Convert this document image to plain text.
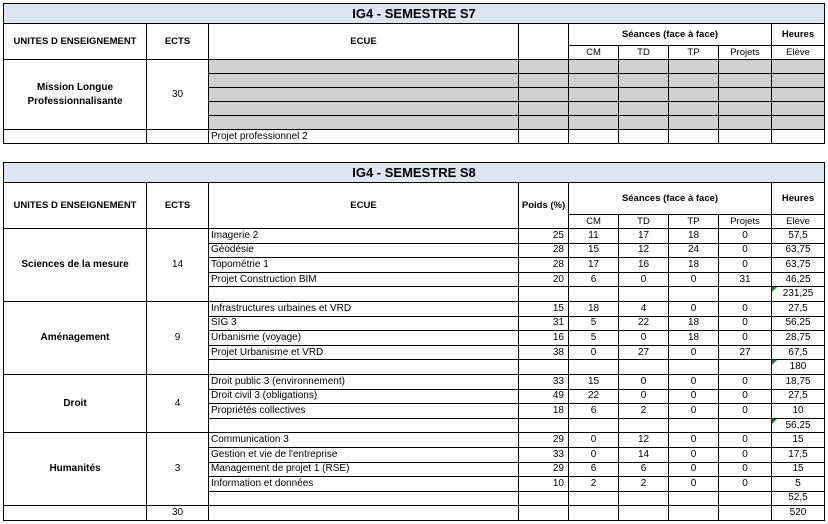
IG4 - SEMESTRE S7								
UNITES D ENSEIGNEMENT	ECTS	ECUE		Séances (face à face)				Heures
				CM	TD	TP	Projets	Elève
Mission Longue Professionnalisante	30							

		Projet professionnel 2						
IG4 - SEMESTRE S8								
UNITES D ENSEIGNEMENT	ECTS	ECUE	Poids (%)	Séances (face à face)				Heures
				CM	TD	TP	Projets	Elève
Sciences de la mesure	14	Imagerie 2	25	11	17	18	0	57,5
		Géodésie	28	15	12	24	0	63,75
		Topométrie 1	28	17	16	18	0	63,75
		Projet Construction BIM	20	6	0	0	31	46,25
								231,25
Aménagement	9	Infrastructures urbaines et VRD	15	18	4	0	0	27,5
		SIG 3	31	5	22	18	0	56,25
		Urbanisme (voyage)	16	5	0	18	0	28,75
		Projet Urbanisme et VRD	38	0	27	0	27	67,5
								180
Droit	4	Droit public 3 (environnement)	33	15	0	0	0	18,75
		Droit civil 3 (obligations)	49	22	0	0	0	27,5
		Propriétés collectives	18	6	2	0	0	10
								56,25
Humanités	3	Communication 3	29	0	12	0	0	15
		Gestion et vie de l'entreprise	33	0	14	0	0	17,5
		Management de projet 1 (RSE)	29	6	6	0	0	15
		Information et données	10	2	2	0	0	5
								52,5
	30							520
